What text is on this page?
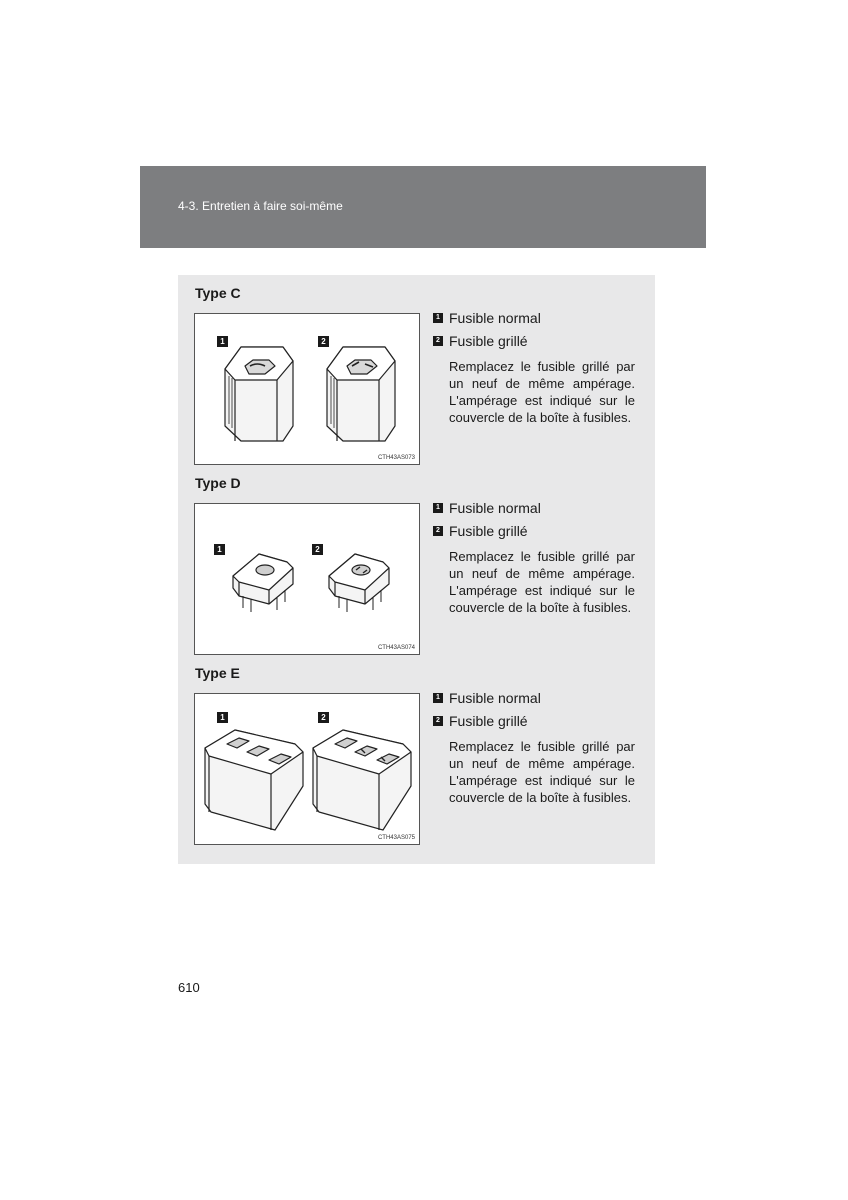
4-3. Entretien à faire soi-même
Type C
1	2
CTH43AS073
1 Fusible normal
2 Fusible grillé
Remplacez le fusible grillé par un neuf de même ampérage. L'ampérage est indiqué sur le couvercle de la boîte à fusibles.
Type D
1	2
CTH43AS074
1 Fusible normal
2 Fusible grillé
Remplacez le fusible grillé par un neuf de même ampérage. L'ampérage est indiqué sur le couvercle de la boîte à fusibles.
Type E
1	2
CTH43AS075
1 Fusible normal
2 Fusible grillé
Remplacez le fusible grillé par un neuf de même ampérage. L'ampérage est indiqué sur le couvercle de la boîte à fusibles.
610
